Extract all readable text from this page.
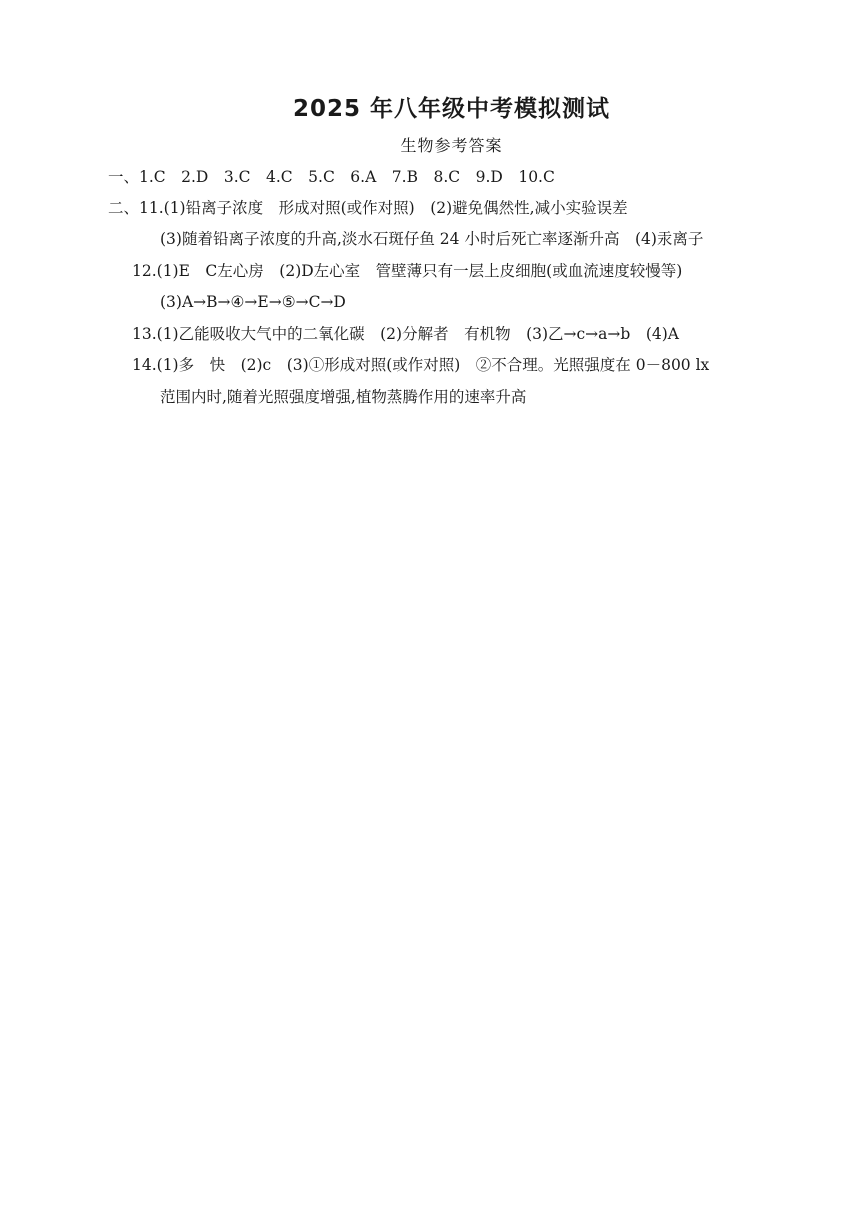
2025 年八年级中考模拟测试
生物参考答案
一、1.C　2.D　3.C　4.C　5.C　6.A　7.B　8.C　9.D　10.C
二、11.(1)铅离子浓度　形成对照(或作对照)　(2)避免偶然性,减小实验误差
(3)随着铅离子浓度的升高,淡水石斑仔鱼 24 小时后死亡率逐渐升高　(4)汞离子
12.(1)E　C左心房　(2)D左心室　管壁薄只有一层上皮细胞(或血流速度较慢等)
(3)A→B→④→E→⑤→C→D
13.(1)乙能吸收大气中的二氧化碳　(2)分解者　有机物　(3)乙→c→a→b　(4)A
14.(1)多　快　(2)c　(3)①形成对照(或作对照)　②不合理。光照强度在 0－800 lx
范围内时,随着光照强度增强,植物蒸腾作用的速率升高
